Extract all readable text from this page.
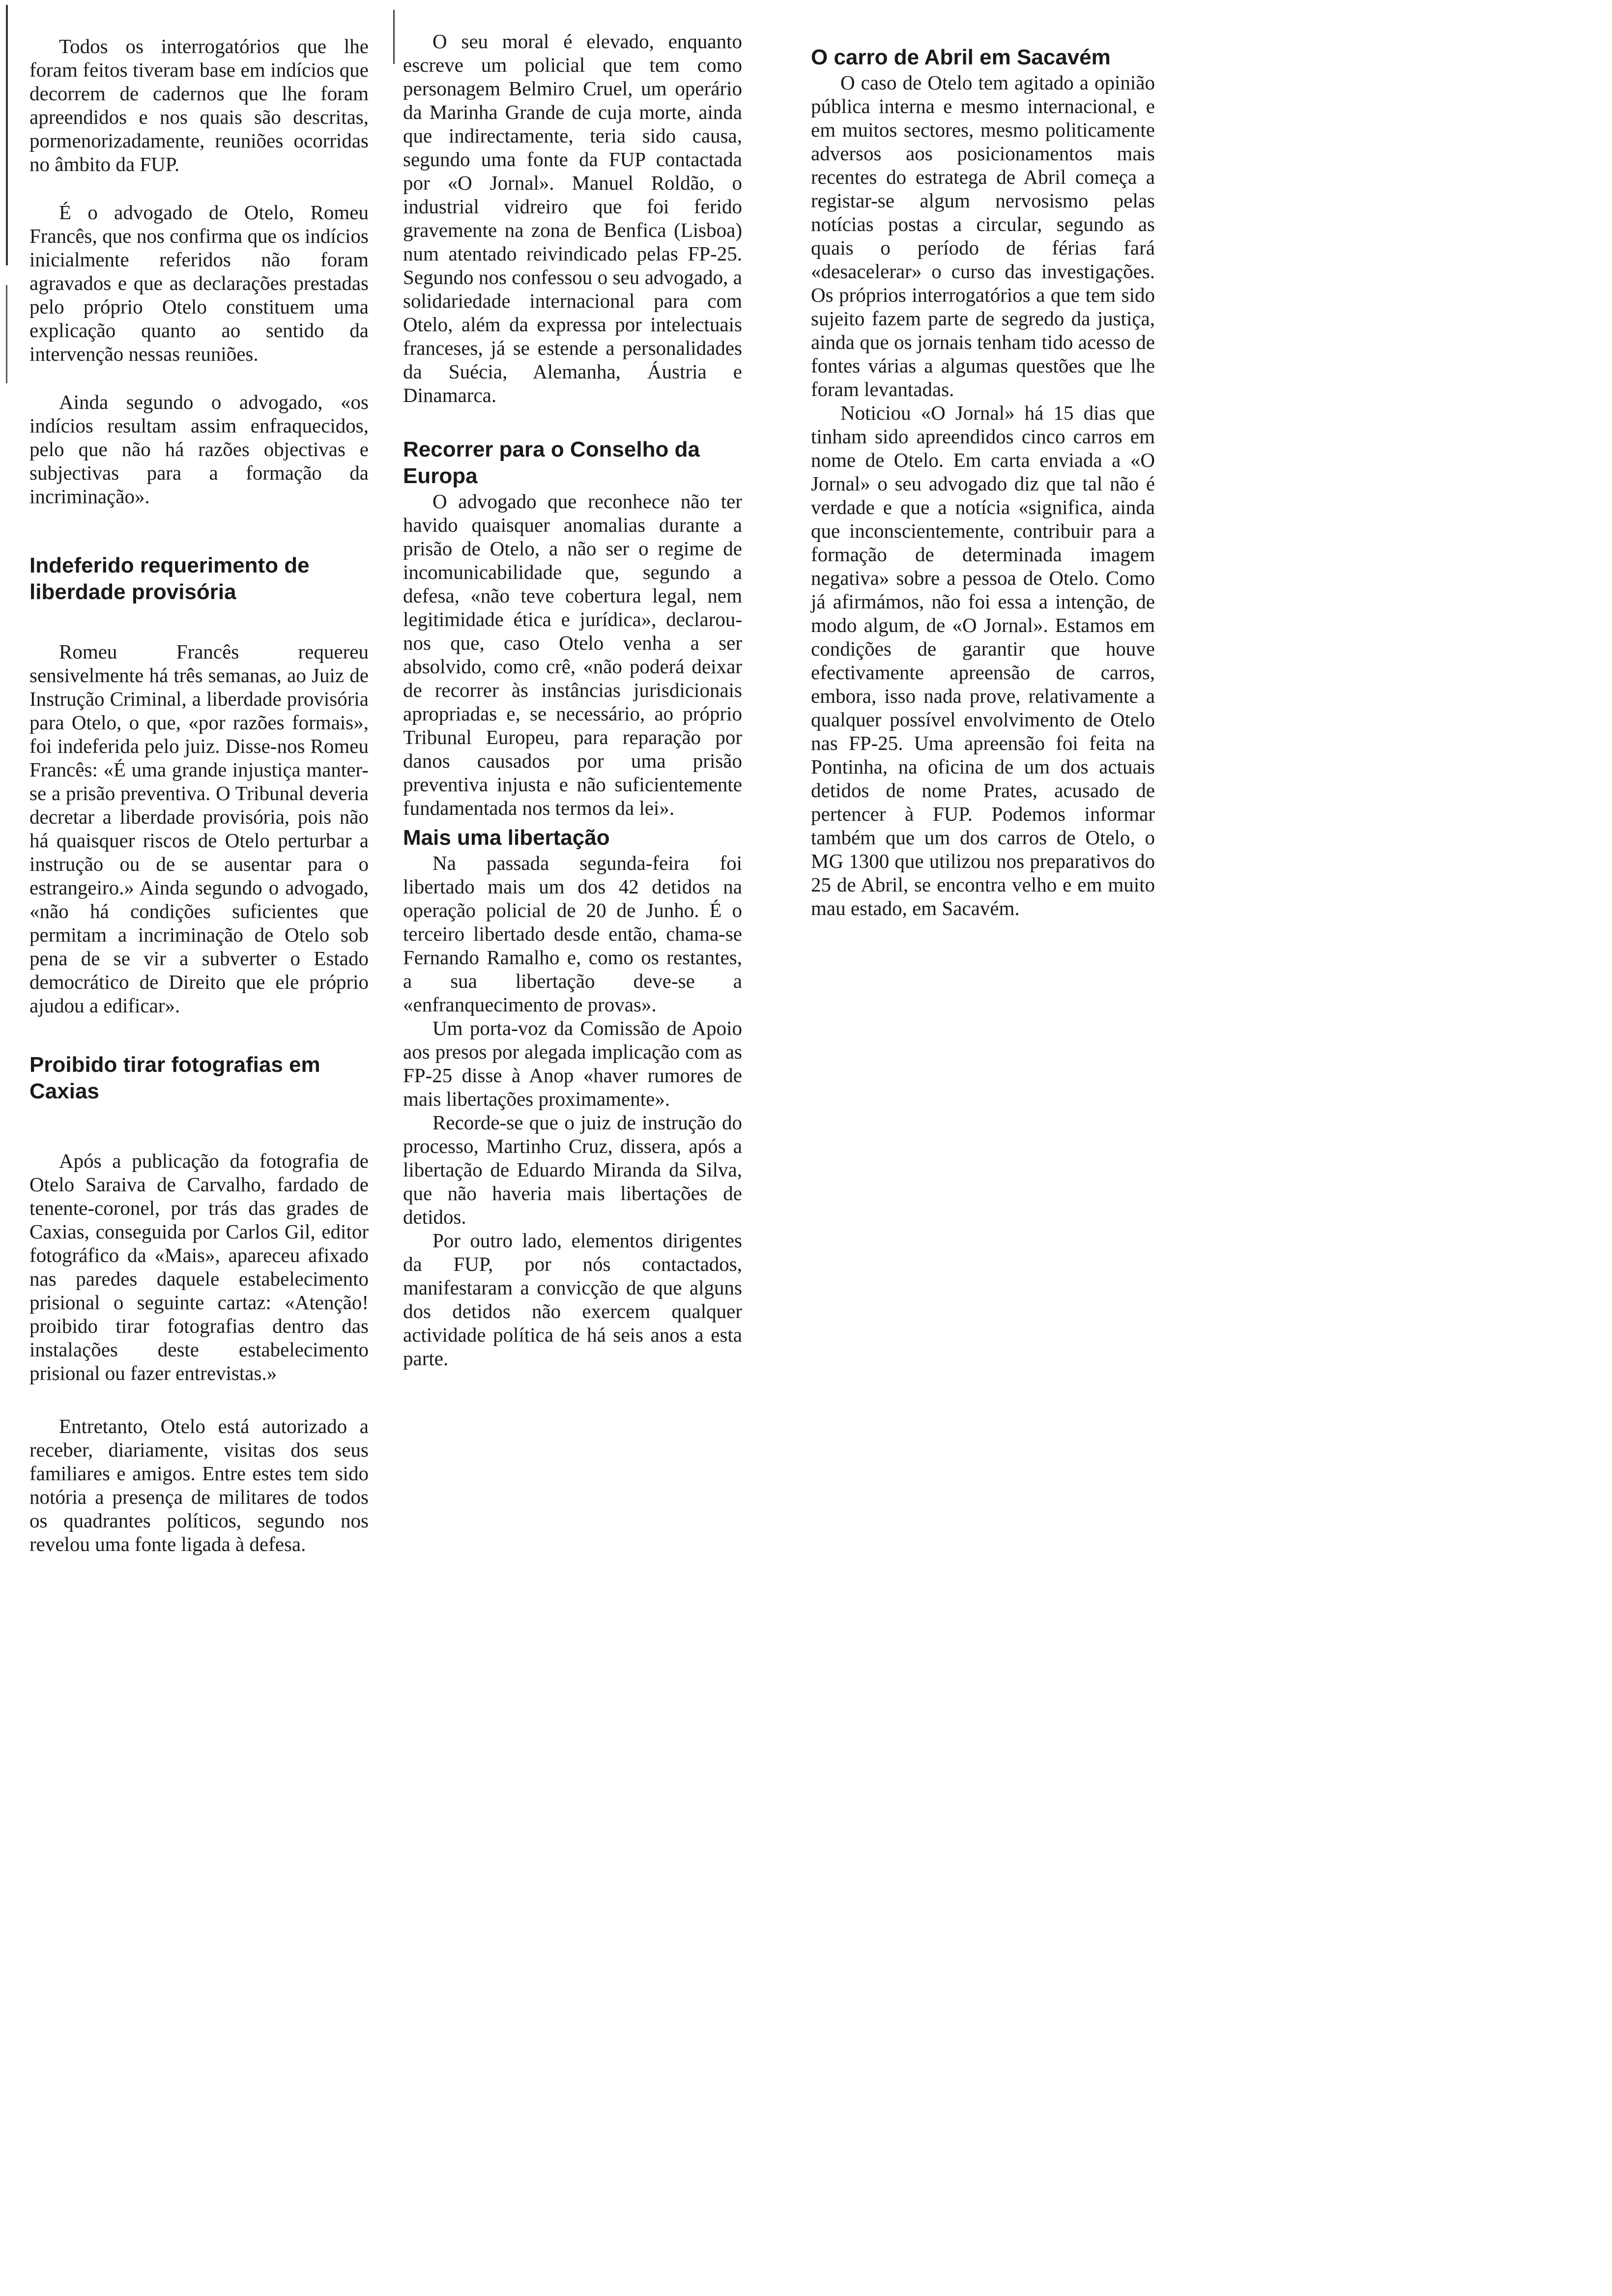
Todos os interrogatórios que lhe foram feitos tiveram base em indícios que decorrem de cadernos que lhe foram apreendidos e nos quais são descritas, pormenorizadamente, reuniões ocorridas no âmbito da FUP.

É o advogado de Otelo, Romeu Francês, que nos confirma que os indícios inicialmente referidos não foram agravados e que as declarações prestadas pelo próprio Otelo constituem uma explicação quanto ao sentido da intervenção nessas reuniões.

Ainda segundo o advogado, «os indícios resultam assim enfraquecidos, pelo que não há razões objectivas e subjectivas para a formação da incriminação».

Indeferido requerimento de liberdade provisória

Romeu Francês requereu sensivelmente há três semanas, ao Juiz de Instrução Criminal, a liberdade provisória para Otelo, o que, «por razões formais», foi indeferida pelo juiz. Disse-nos Romeu Francês: «É uma grande injustiça manter-se a prisão preventiva. O Tribunal deveria decretar a liberdade provisória, pois não há quaisquer riscos de Otelo perturbar a instrução ou de se ausentar para o estrangeiro.» Ainda segundo o advogado, «não há condições suficientes que permitam a incriminação de Otelo sob pena de se vir a subverter o Estado democrático de Direito que ele próprio ajudou a edificar».

Proibido tirar fotografias em Caxias

Após a publicação da fotografia de Otelo Saraiva de Carvalho, fardado de tenente-coronel, por trás das grades de Caxias, conseguida por Carlos Gil, editor fotográfico da «Mais», apareceu afixado nas paredes daquele estabelecimento prisional o seguinte cartaz: «Atenção! proibido tirar fotografias dentro das instalações deste estabelecimento prisional ou fazer entrevistas.»

Entretanto, Otelo está autorizado a receber, diariamente, visitas dos seus familiares e amigos. Entre estes tem sido notória a presença de militares de todos os quadrantes políticos, segundo nos revelou uma fonte ligada à defesa.

O seu moral é elevado, enquanto escreve um policial que tem como personagem Belmiro Cruel, um operário da Marinha Grande de cuja morte, ainda que indirectamente, teria sido causa, segundo uma fonte da FUP contactada por «O Jornal». Manuel Roldão, o industrial vidreiro que foi ferido gravemente na zona de Benfica (Lisboa) num atentado reivindicado pelas FP-25. Segundo nos confessou o seu advogado, a solidariedade internacional para com Otelo, além da expressa por intelectuais franceses, já se estende a personalidades da Suécia, Alemanha, Áustria e Dinamarca.

Recorrer para o Conselho da Europa

O advogado que reconhece não ter havido quaisquer anomalias durante a prisão de Otelo, a não ser o regime de incomunicabilidade que, segundo a defesa, «não teve cobertura legal, nem legitimidade ética e jurídica», declarou-nos que, caso Otelo venha a ser absolvido, como crê, «não poderá deixar de recorrer às instâncias jurisdicionais apropriadas e, se necessário, ao próprio Tribunal Europeu, para reparação por danos causados por uma prisão preventiva injusta e não suficientemente fundamentada nos termos da lei».

Mais uma libertação

Na passada segunda-feira foi libertado mais um dos 42 detidos na operação policial de 20 de Junho. É o terceiro libertado desde então, chama-se Fernando Ramalho e, como os restantes, a sua libertação deve-se a «enfranquecimento de provas».

Um porta-voz da Comissão de Apoio aos presos por alegada implicação com as FP-25 disse à Anop «haver rumores de mais libertações proximamente».

Recorde-se que o juiz de instrução do processo, Martinho Cruz, dissera, após a libertação de Eduardo Miranda da Silva, que não haveria mais libertações de detidos.

Por outro lado, elementos dirigentes da FUP, por nós contactados, manifestaram a convicção de que alguns dos detidos não exercem qualquer actividade política de há seis anos a esta parte.

O carro de Abril em Sacavém

O caso de Otelo tem agitado a opinião pública interna e mesmo internacional, e em muitos sectores, mesmo politicamente adversos aos posicionamentos mais recentes do estratega de Abril começa a registar-se algum nervosismo pelas notícias postas a circular, segundo as quais o período de férias fará «desacelerar» o curso das investigações. Os próprios interrogatórios a que tem sido sujeito fazem parte de segredo da justiça, ainda que os jornais tenham tido acesso de fontes várias a algumas questões que lhe foram levantadas.

Noticiou «O Jornal» há 15 dias que tinham sido apreendidos cinco carros em nome de Otelo. Em carta enviada a «O Jornal» o seu advogado diz que tal não é verdade e que a notícia «significa, ainda que inconscientemente, contribuir para a formação de determinada imagem negativa» sobre a pessoa de Otelo. Como já afirmámos, não foi essa a intenção, de modo algum, de «O Jornal». Estamos em condições de garantir que houve efectivamente apreensão de carros, embora, isso nada prove, relativamente a qualquer possível envolvimento de Otelo nas FP-25. Uma apreensão foi feita na Pontinha, na oficina de um dos actuais detidos de nome Prates, acusado de pertencer à FUP. Podemos informar também que um dos carros de Otelo, o MG 1300 que utilizou nos preparativos do 25 de Abril, se encontra velho e em muito mau estado, em Sacavém.
